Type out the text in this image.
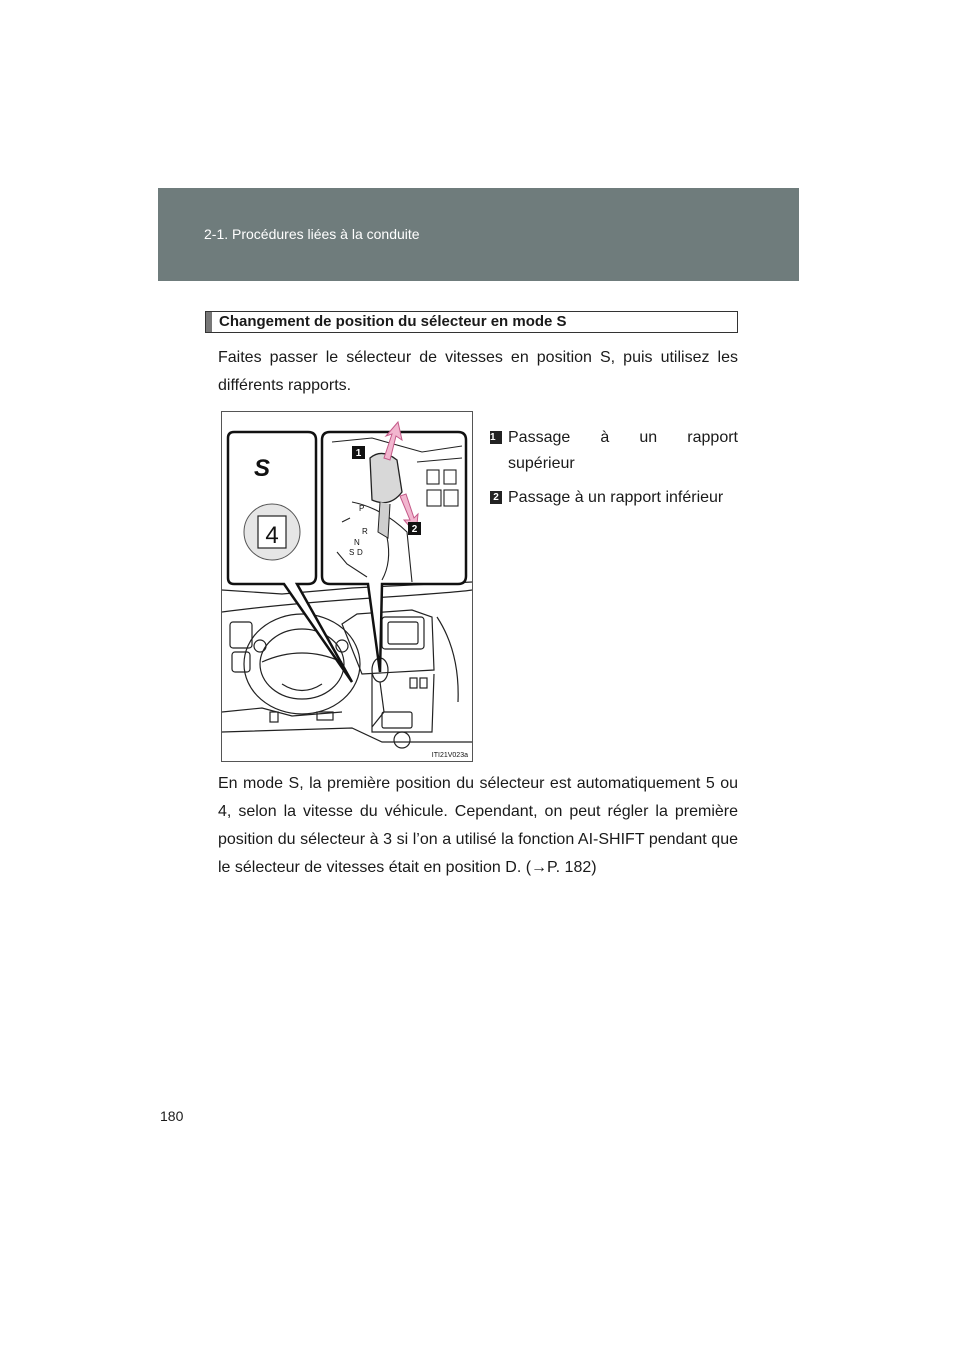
2-1. Procédures liées à la conduite
Changement de position du sélecteur en mode S
Faites passer le sélecteur de vitesses en position S, puis utilisez les différents rapports.
4
S
P
R
N
S D
1
2
ITI21V023a
1 Passage à un rapport
supérieur
2 Passage à un rapport inférieur
En mode S, la première position du sélecteur est automatiquement 5 ou 4, selon la vitesse du véhicule. Cependant, on peut régler la première position du sélecteur à 3 si l’on a utilisé la fonction AI-SHIFT pendant que le sélecteur de vitesses était en position D. (→P. 182)
180
